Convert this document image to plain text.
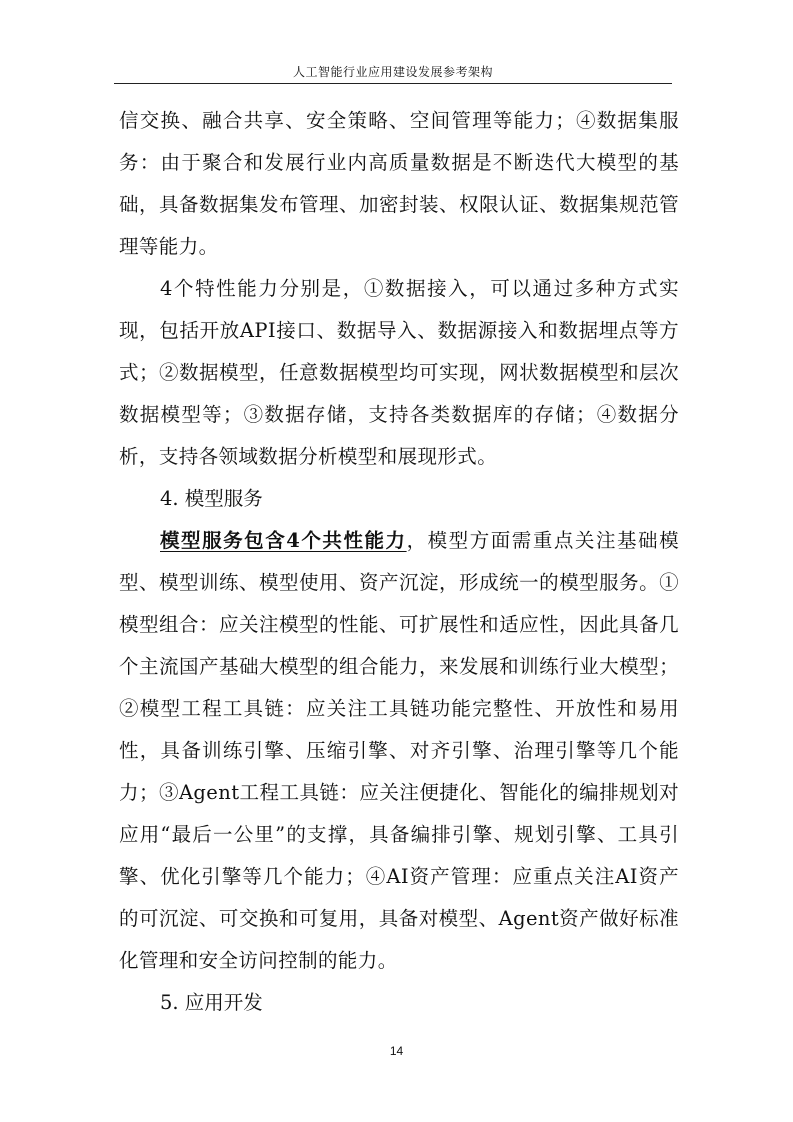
人工智能行业应用建设发展参考架构

信交换、融合共享、安全策略、空间管理等能力；④数据集服务：由于聚合和发展行业内高质量数据是不断迭代大模型的基础，具备数据集发布管理、加密封装、权限认证、数据集规范管理等能力。

4个特性能力分别是，①数据接入，可以通过多种方式实现，包括开放API接口、数据导入、数据源接入和数据埋点等方式；②数据模型，任意数据模型均可实现，网状数据模型和层次数据模型等；③数据存储，支持各类数据库的存储；④数据分析，支持各领域数据分析模型和展现形式。

4. 模型服务

模型服务包含4个共性能力，模型方面需重点关注基础模型、模型训练、模型使用、资产沉淀，形成统一的模型服务。①模型组合：应关注模型的性能、可扩展性和适应性，因此具备几个主流国产基础大模型的组合能力，来发展和训练行业大模型；②模型工程工具链：应关注工具链功能完整性、开放性和易用性，具备训练引擎、压缩引擎、对齐引擎、治理引擎等几个能力；③Agent工程工具链：应关注便捷化、智能化的编排规划对应用“最后一公里”的支撑，具备编排引擎、规划引擎、工具引擎、优化引擎等几个能力；④AI资产管理：应重点关注AI资产的可沉淀、可交换和可复用，具备对模型、Agent资产做好标准化管理和安全访问控制的能力。

5. 应用开发

14
